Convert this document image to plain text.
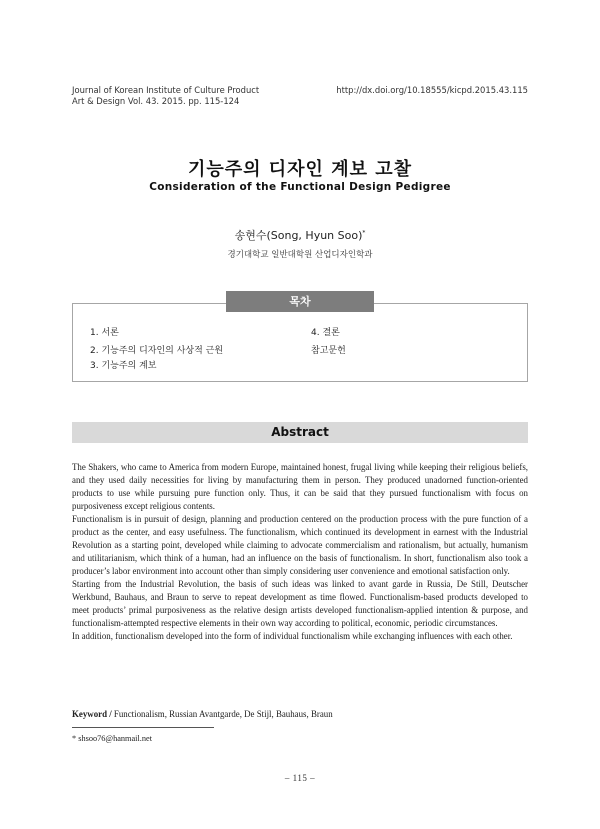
Journal of Korean Institute of Culture Product
Art & Design Vol. 43. 2015. pp. 115-124
http://dx.doi.org/10.18555/kicpd.2015.43.115
기능주의 디자인 계보 고찰
Consideration of the Functional Design Pedigree
송현수(Song, Hyun Soo)*
경기대학교 일반대학원 산업디자인학과
목차
1. 서론
2. 기능주의 디자인의 사상적 근원
3. 기능주의 계보
4. 결론
참고문헌
Abstract

The Shakers, who came to America from modern Europe, maintained honest, frugal living while keeping their religious beliefs, and they used daily necessities for living by manufacturing them in person. They produced unadorned function-oriented products to use while pursuing pure function only. Thus, it can be said that they pursued functionalism with focus on purposiveness except religious contents.

Functionalism is in pursuit of design, planning and production centered on the production process with the pure function of a product as the center, and easy usefulness. The functionalism, which continued its development in earnest with the Industrial Revolution as a starting point, developed while claiming to advocate commercialism and rationalism, but actually, humanism and utilitarianism, which think of a human, had an influence on the basis of functionalism. In short, functionalism also took a producer’s labor environment into account other than simply considering user convenience and emotional satisfaction only.

Starting from the Industrial Revolution, the basis of such ideas was linked to avant garde in Russia, De Still, Deutscher Werkbund, Bauhaus, and Braun to serve to repeat development as time flowed. Functionalism-based products developed to meet products’ primal purposiveness as the relative design artists developed functionalism-applied intention & purpose, and functionalism-attempted respective elements in their own way according to political, economic, periodic circumstances.

In addition, functionalism developed into the form of individual functionalism while exchanging influences with each other.

Keyword / Functionalism, Russian Avantgarde, De Stijl, Bauhaus, Braun
* shsoo76@hanmail.net
– 115 –
